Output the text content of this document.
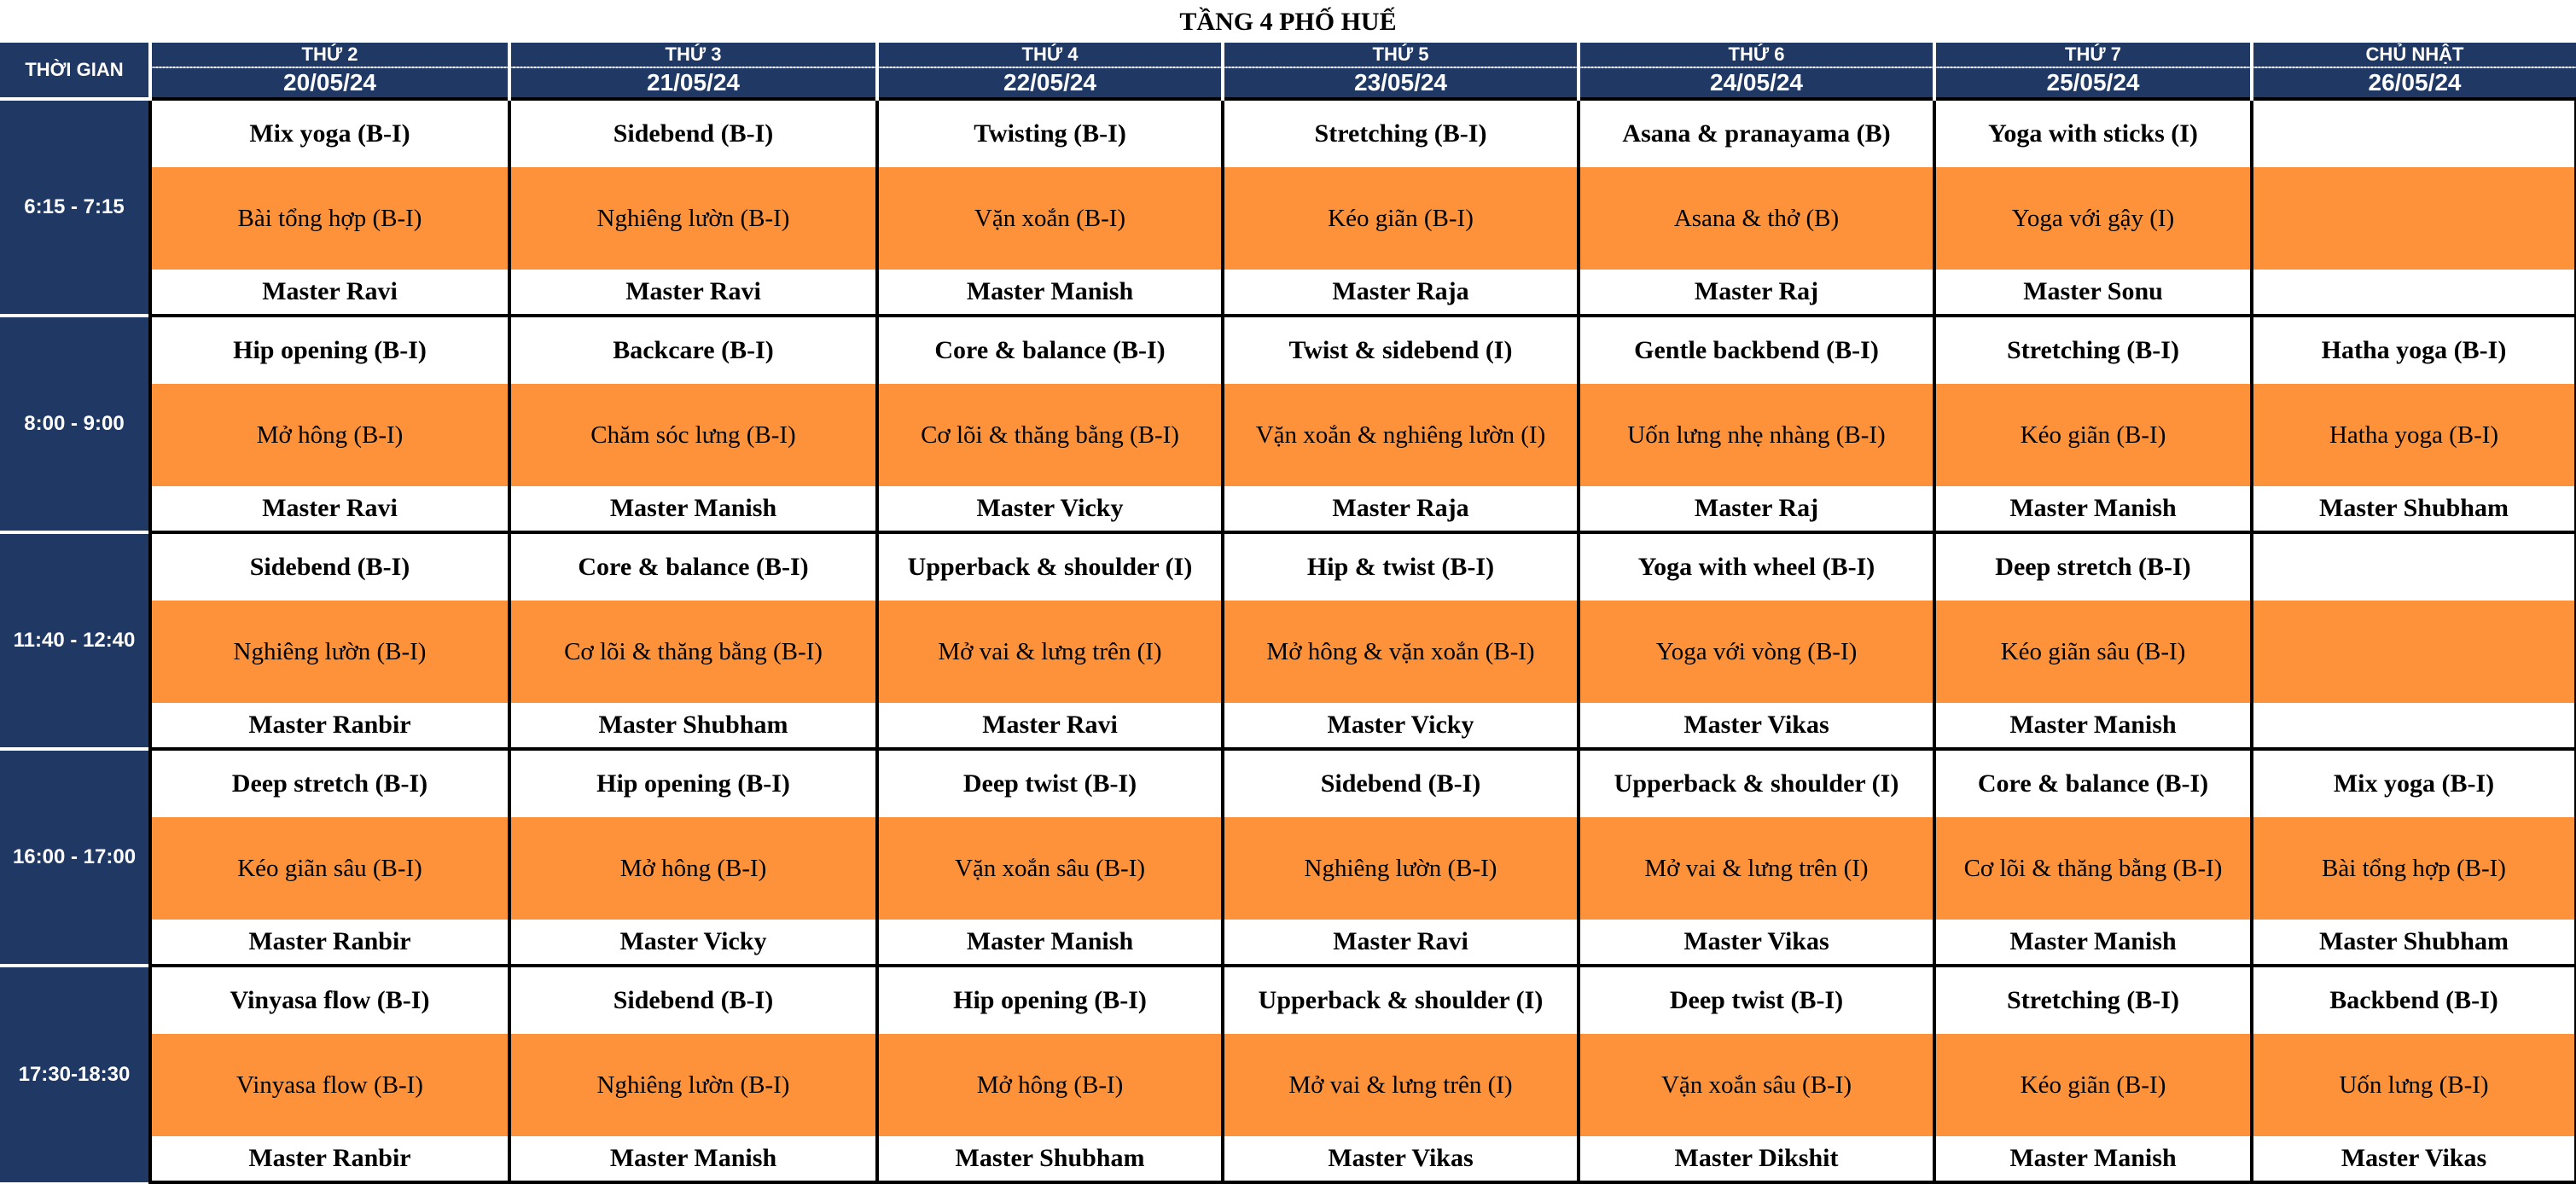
TẦNG 4 PHỐ HUẾ
THỜI GIAN	THỨ 2	THỨ 3	THỨ 4	THỨ 5	THỨ 6	THỨ 7	CHỦ NHẬT
	20/05/24	21/05/24	22/05/24	23/05/24	24/05/24	25/05/24	26/05/24
6:15 - 7:15	Mix yoga (B-I)	Sidebend (B-I)	Twisting (B-I)	Stretching (B-I)	Asana & pranayama (B)	Yoga with sticks (I)	
	Bài tổng hợp (B-I)	Nghiêng lườn (B-I)	Vặn xoắn (B-I)	Kéo giãn (B-I)	Asana & thở (B)	Yoga với gậy (I)	
	Master Ravi	Master Ravi	Master Manish	Master Raja	Master Raj	Master Sonu	
8:00 - 9:00	Hip opening (B-I)	Backcare (B-I)	Core & balance (B-I)	Twist & sidebend (I)	Gentle backbend (B-I)	Stretching (B-I)	Hatha yoga (B-I)
	Mở hông (B-I)	Chăm sóc lưng (B-I)	Cơ lõi & thăng bằng (B-I)	Vặn xoắn & nghiêng lườn (I)	Uốn lưng nhẹ nhàng (B-I)	Kéo giãn (B-I)	Hatha yoga (B-I)
	Master Ravi	Master Manish	Master Vicky	Master Raja	Master Raj	Master Manish	Master Shubham
11:40 - 12:40	Sidebend (B-I)	Core & balance (B-I)	Upperback & shoulder (I)	Hip & twist (B-I)	Yoga with wheel (B-I)	Deep stretch (B-I)	
	Nghiêng lườn (B-I)	Cơ lõi & thăng bằng (B-I)	Mở vai & lưng trên (I)	Mở hông & vặn xoắn (B-I)	Yoga với vòng (B-I)	Kéo giãn sâu (B-I)	
	Master Ranbir	Master Shubham	Master Ravi	Master Vicky	Master Vikas	Master Manish	
16:00 - 17:00	Deep stretch (B-I)	Hip opening (B-I)	Deep twist (B-I)	Sidebend (B-I)	Upperback & shoulder (I)	Core & balance (B-I)	Mix yoga (B-I)
	Kéo giãn sâu (B-I)	Mở hông (B-I)	Vặn xoắn sâu (B-I)	Nghiêng lườn (B-I)	Mở vai & lưng trên (I)	Cơ lõi & thăng bằng (B-I)	Bài tổng hợp (B-I)
	Master Ranbir	Master Vicky	Master Manish	Master Ravi	Master Vikas	Master Manish	Master Shubham
17:30-18:30	Vinyasa flow (B-I)	Sidebend (B-I)	Hip opening (B-I)	Upperback & shoulder (I)	Deep twist (B-I)	Stretching (B-I)	Backbend (B-I)
	Vinyasa flow (B-I)	Nghiêng lườn (B-I)	Mở hông (B-I)	Mở vai & lưng trên (I)	Vặn xoắn sâu (B-I)	Kéo giãn (B-I)	Uốn lưng (B-I)
	Master Ranbir	Master Manish	Master Shubham	Master Vikas	Master Dikshit	Master Manish	Master Vikas
